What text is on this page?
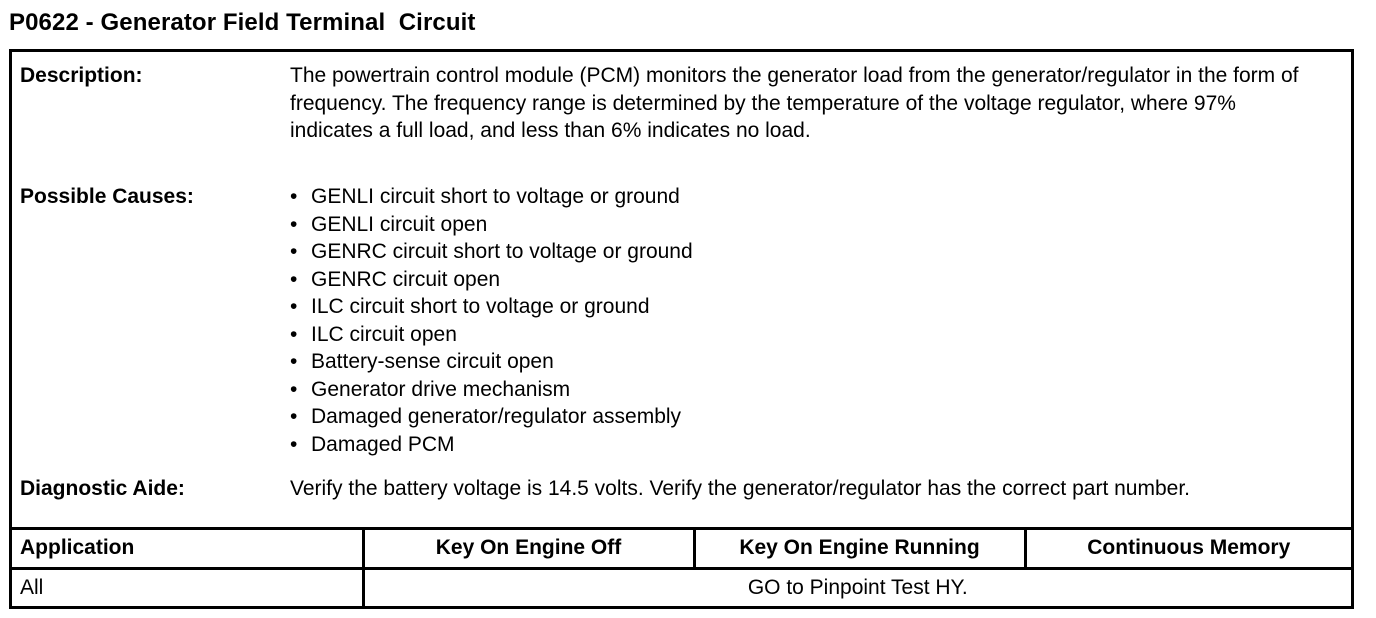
P0622 - Generator Field Terminal  Circuit
Description:	The powertrain control module (PCM) monitors the generator load from the generator/regulator in the form of frequency. The frequency range is determined by the temperature of the voltage regulator, where 97% indicates a full load, and less than 6% indicates no load.
Possible Causes:	• GENLI circuit short to voltage or ground
• GENLI circuit open
• GENRC circuit short to voltage or ground
• GENRC circuit open
• ILC circuit short to voltage or ground
• ILC circuit open
• Battery-sense circuit open
• Generator drive mechanism
• Damaged generator/regulator assembly
• Damaged PCM
Diagnostic Aide:	Verify the battery voltage is 14.5 volts. Verify the generator/regulator has the correct part number.
Application	Key On Engine Off	Key On Engine Running	Continuous Memory
All	GO to Pinpoint Test HY.		
